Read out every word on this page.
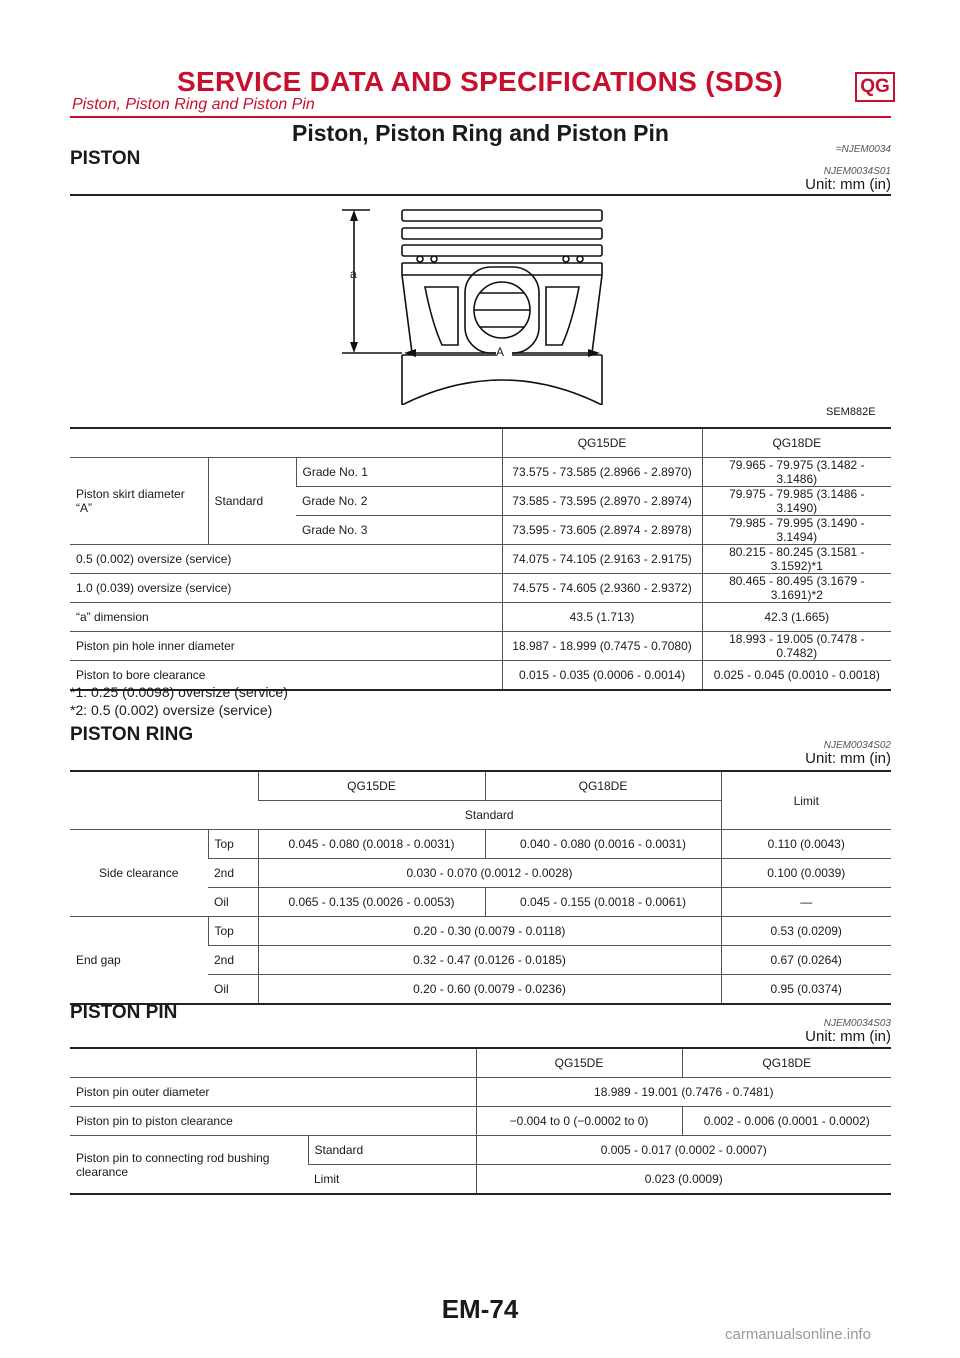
SERVICE DATA AND SPECIFICATIONS (SDS)	QG
Piston, Piston Ring and Piston Pin
Piston, Piston Ring and Piston Pin
=NJEM0034
PISTON
NJEM0034S01
Unit: mm (in)
a
A
SEM882E
			QG15DE	QG18DE
Piston skirt diameter “A”	Standard	Grade No. 1	73.575 - 73.585 (2.8966 - 2.8970)	79.965 - 79.975 (3.1482 - 3.1486)
		Grade No. 2	73.585 - 73.595 (2.8970 - 2.8974)	79.975 - 79.985 (3.1486 - 3.1490)
		Grade No. 3	73.595 - 73.605 (2.8974 - 2.8978)	79.985 - 79.995 (3.1490 - 3.1494)
0.5 (0.002) oversize (service)			74.075 - 74.105 (2.9163 - 2.9175)	80.215 - 80.245 (3.1581 - 3.1592)*1
1.0 (0.039) oversize (service)			74.575 - 74.605 (2.9360 - 2.9372)	80.465 - 80.495 (3.1679 - 3.1691)*2
“a” dimension			43.5 (1.713)	42.3 (1.665)
Piston pin hole inner diameter			18.987 - 18.999 (0.7475 - 0.7080)	18.993 - 19.005 (0.7478 - 0.7482)
Piston to bore clearance			0.015 - 0.035 (0.0006 - 0.0014)	0.025 - 0.045 (0.0010 - 0.0018)
*1: 0.25 (0.0098) oversize (service)
*2: 0.5 (0.002) oversize (service)
PISTON RING
NJEM0034S02
Unit: mm (in)
		QG15DE	QG18DE	Limit
		Standard		
Side clearance	Top	0.045 - 0.080 (0.0018 - 0.0031)	0.040 - 0.080 (0.0016 - 0.0031)	0.110 (0.0043)
	2nd	0.030 - 0.070 (0.0012 - 0.0028)		0.100 (0.0039)
	Oil	0.065 - 0.135 (0.0026 - 0.0053)	0.045 - 0.155 (0.0018 - 0.0061)	—
End gap	Top	0.20 - 0.30 (0.0079 - 0.0118)		0.53 (0.0209)
	2nd	0.32 - 0.47 (0.0126 - 0.0185)		0.67 (0.0264)
	Oil	0.20 - 0.60 (0.0079 - 0.0236)		0.95 (0.0374)
PISTON PIN
NJEM0034S03
Unit: mm (in)
		QG15DE	QG18DE
Piston pin outer diameter		18.989 - 19.001 (0.7476 - 0.7481)	
Piston pin to piston clearance		−0.004 to 0 (−0.0002 to 0)	0.002 - 0.006 (0.0001 - 0.0002)
Piston pin to connecting rod bushing clearance	Standard	0.005 - 0.017 (0.0002 - 0.0007)	
	Limit	0.023 (0.0009)	
EM-74
carmanualsonline.info
